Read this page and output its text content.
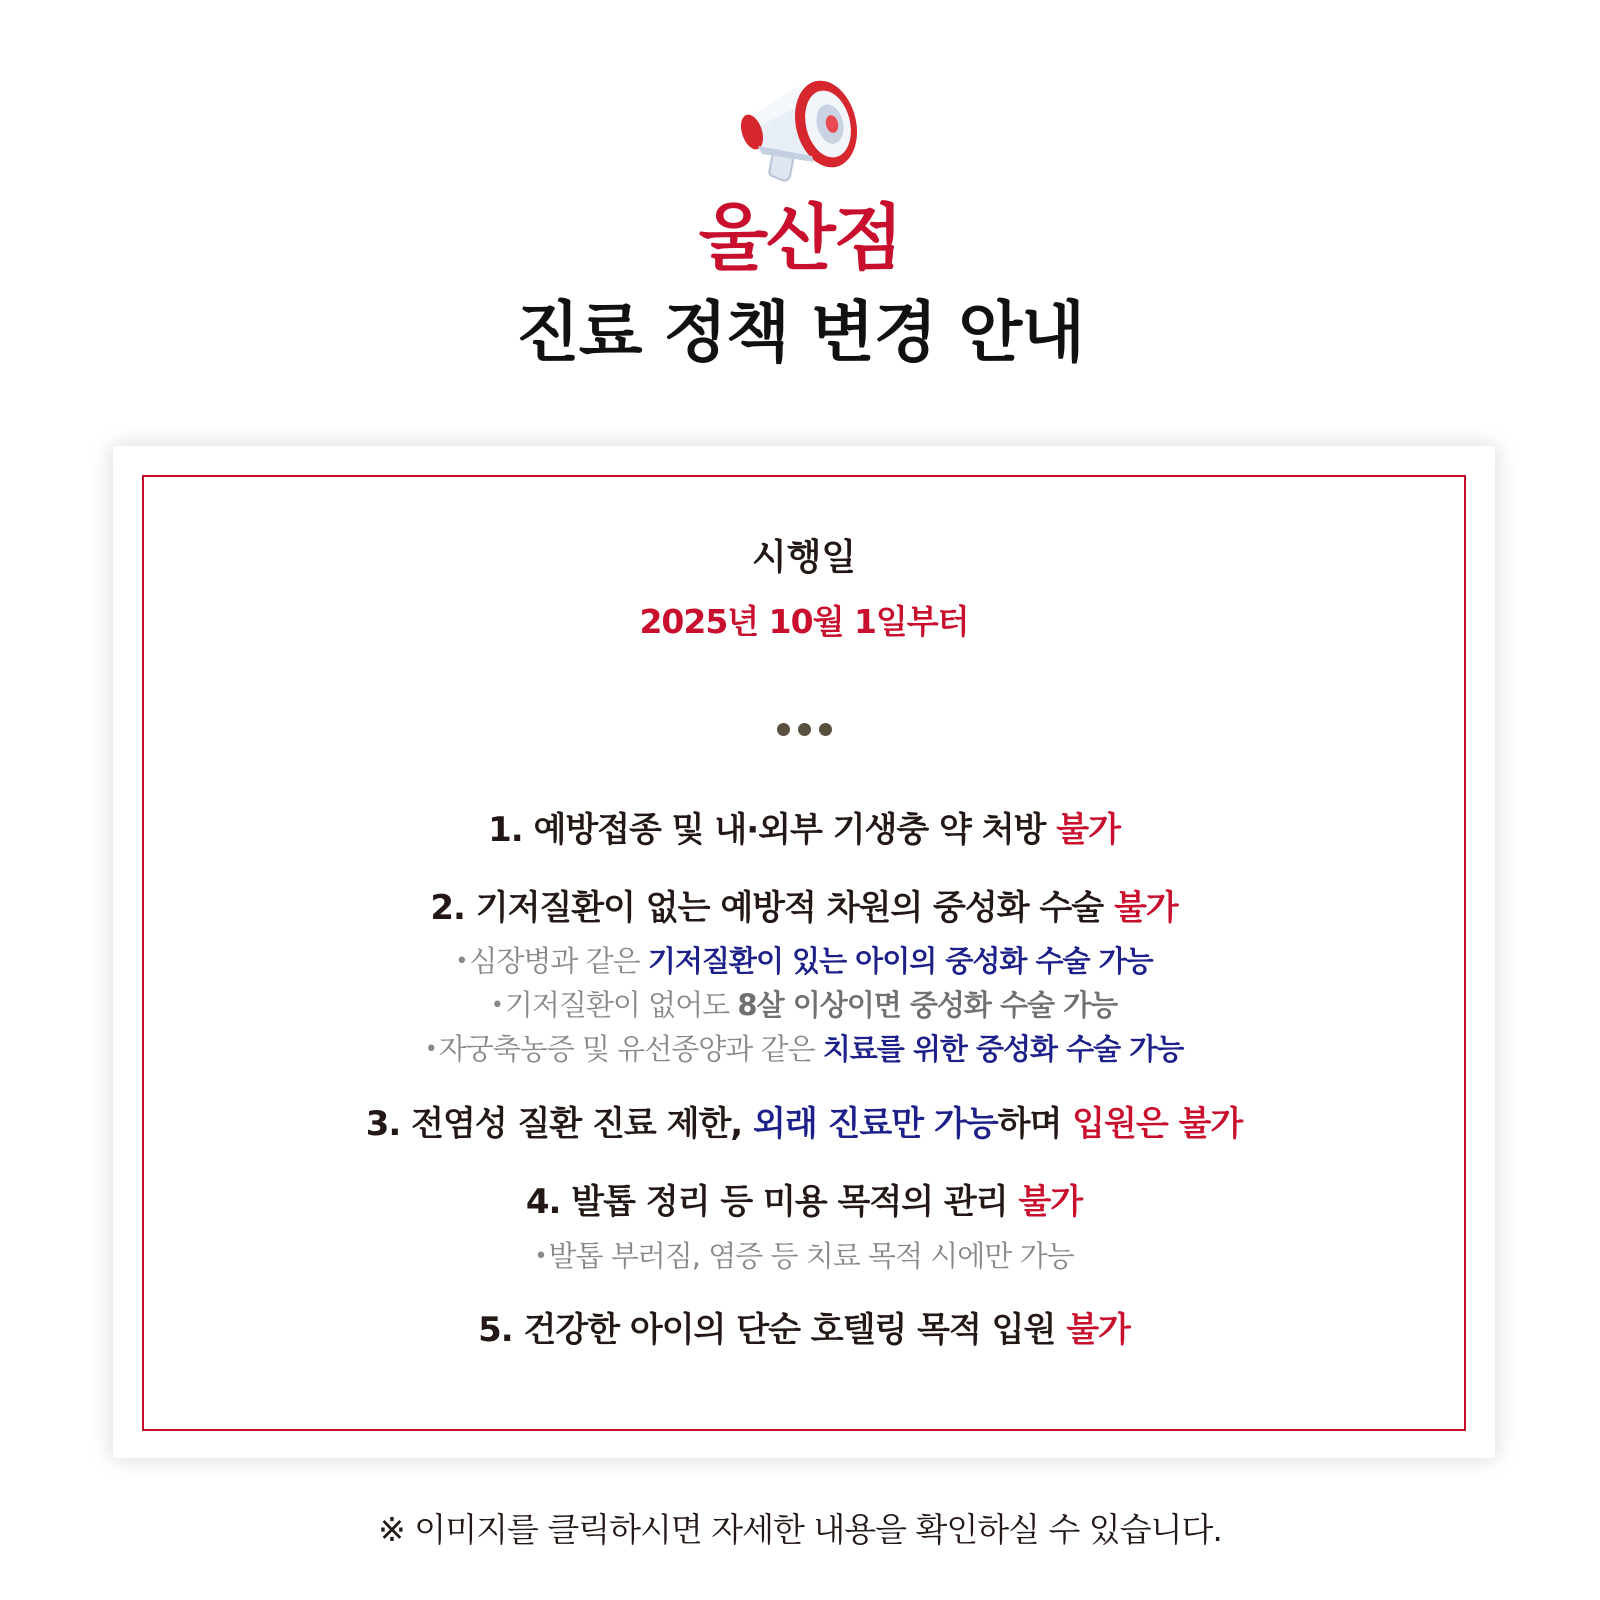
울산점
진료 정책 변경 안내
시행일
2025년 10월 1일부터
1. 예방접종 및 내·외부 기생충 약 처방 불가
2. 기저질환이 없는 예방적 차원의 중성화 수술 불가
•심장병과 같은 기저질환이 있는 아이의 중성화 수술 가능
•기저질환이 없어도 8살 이상이면 중성화 수술 가능
•자궁축농증 및 유선종양과 같은 치료를 위한 중성화 수술 가능
3. 전염성 질환 진료 제한, 외래 진료만 가능하며 입원은 불가
4. 발톱 정리 등 미용 목적의 관리 불가
•발톱 부러짐, 염증 등 치료 목적 시에만 가능
5. 건강한 아이의 단순 호텔링 목적 입원 불가
※ 이미지를 클릭하시면 자세한 내용을 확인하실 수 있습니다.
